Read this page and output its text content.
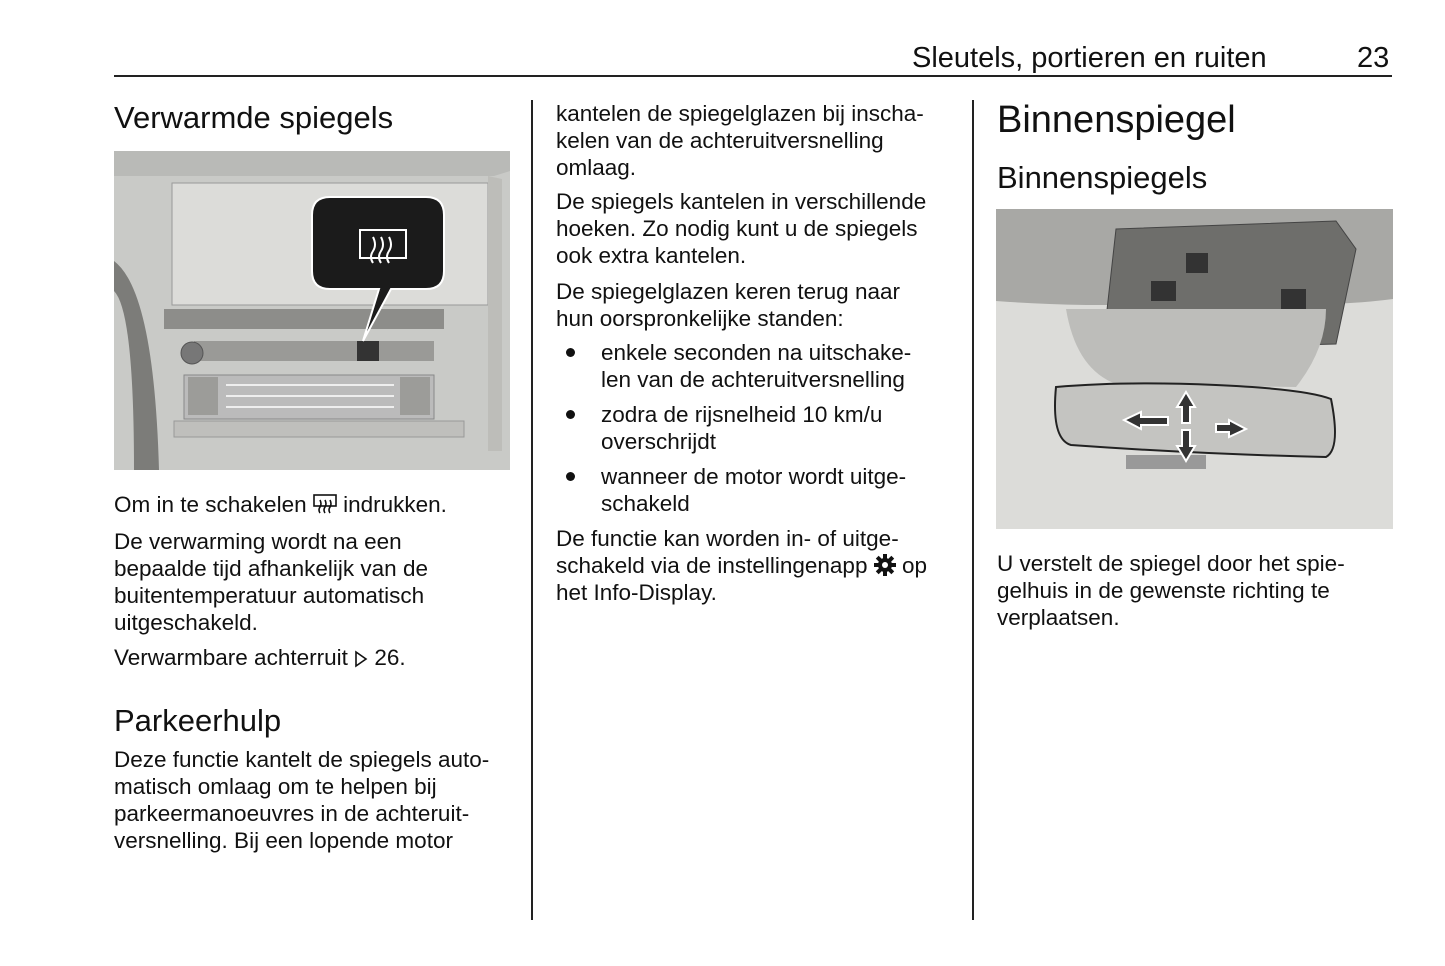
Sleutels, portieren en ruiten	23
Verwarmde spiegels
Om in te schakelen
indrukken.
De verwarming wordt na een
bepaalde tijd afhankelijk van de
buitentemperatuur automatisch
uitgeschakeld.
Verwarmbare achterruit
26.
Parkeerhulp
Deze functie kantelt de spiegels auto-
matisch omlaag om te helpen bij
parkeermanoeuvres in de achteruit-
versnelling. Bij een lopende motor
kantelen de spiegelglazen bij inscha-
kelen van de achteruitversnelling
omlaag.
De spiegels kantelen in verschillende
hoeken. Zo nodig kunt u de spiegels
ook extra kantelen.
De spiegelglazen keren terug naar
hun oorspronkelijke standen:
enkele seconden na uitschake-
len van de achteruitversnelling
zodra de rijsnelheid 10 km/u
overschrijdt
wanneer de motor wordt uitge-
schakeld
De functie kan worden in- of uitge-
schakeld via de instellingenapp
op
het Info-Display.
Binnenspiegel
Binnenspiegels
U verstelt de spiegel door het spie-
gelhuis in de gewenste richting te
verplaatsen.
